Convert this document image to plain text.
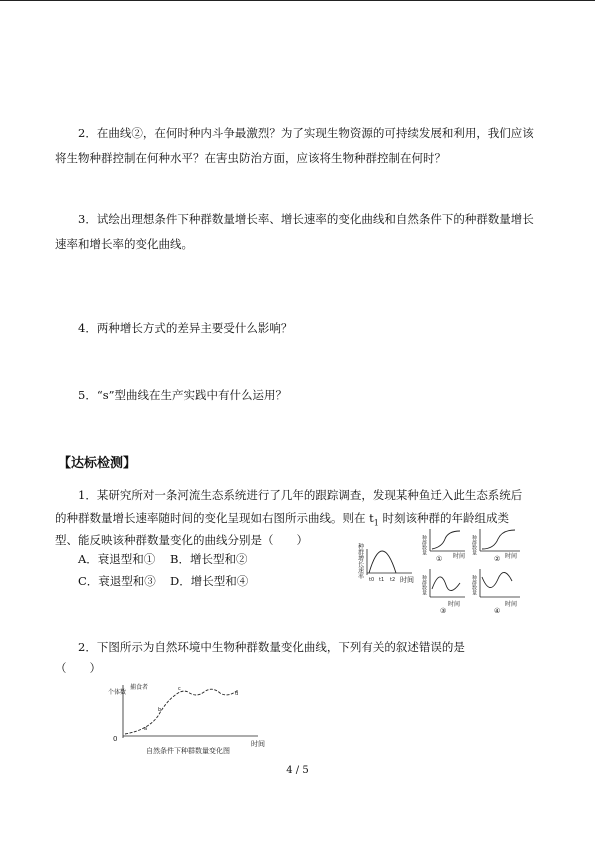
2．在曲线②，在何时种内斗争最激烈？为了实现生物资源的可持续发展和利用，我们应该将生物种群控制在何种水平？在害虫防治方面，应该将生物种群控制在何时？

3．试绘出理想条件下种群数量增长率、增长速率的变化曲线和自然条件下的种群数量增长速率和增长率的变化曲线。

4．两种增长方式的差异主要受什么影响？

5．“s”型曲线在生产实践中有什么运用？

【达标检测】

1．某研究所对一条河流生态系统进行了几年的跟踪调查，发现某种鱼迁入此生态系统后

的种群数量增长速率随时间的变化呈现如右图所示曲线。则在 $t_1$ 时刻该种群的年龄组成类

型、能反映该种群数量变化的曲线分别是（　　）

A．衰退型和① B．增长型和②
C．衰退型和③ D．增长型和④
种群增长速率
时间
t0 t1 t2
种群数量
时间
①
种群数量
时间
②
种群数量
时间
③
种群数量
时间
④

2．下图所示为自然环境中生物种群数量变化曲线，下列有关的叙述错误的是

（　　）

个体数
捕食者
0
时间
自然条件下种群数量变化图
a
b
c
d
4 / 5
